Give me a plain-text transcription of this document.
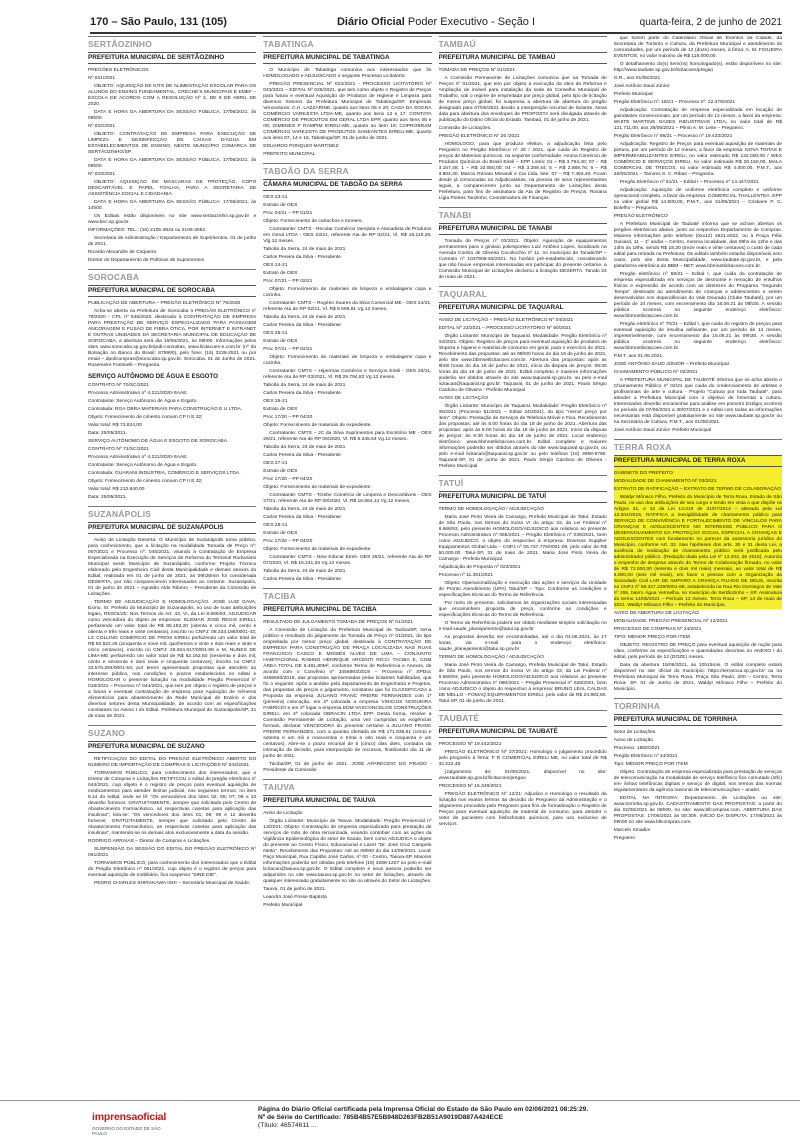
170 – São Paulo, 131 (105)	Diário Oficial Poder Executivo - Seção I	quarta-feira, 2 de junho de 2021
SERTÃOZINHO
PREFEITURA MUNICIPAL DE SERTÃOZINHO

PREGÕES ELETRÔNICOS

Nº 031/2021

OBJETO: AQUISIÇÃO DE KITS DE ALIMENTAÇÃO ESCOLAR PARA OS ALUNOS DO ENSINO FUNDAMENTAL, CRECHE'S MUNICIPAIS E EMEF – ESCOLA DE ACORDO COM A RESOLUÇÃO Nº 2, DE 9 DE ABRIL DE 2020.

DATA E HORA DA ABERTURA DA SESSÃO PÚBLICA: 17/06/2021, às 09h00.

Nº 032/2021

OBJETO: CONTRATAÇÃO DE EMPRESA PARA EXECUÇÃO DE LIMPEZA E DESINFECÇÃO DE CAIXAS D'ÁGUA EM ESTABELECIMENTOS DE ENSINO, NESTE MUNICÍPIO COMARCA DE SERTÃOZINHO/SP.

DATA E HORA DA ABERTURA DA SESSÃO PÚBLICA: 17/06/2021, às 09h00.

Nº 033/2021

OBJETO: AQUISIÇÃO DE MÁSCARAS DE PROTEÇÃO, COPO DESCARTÁVEL E PAPEL TOALHA, PARA A SECRETARIA DE ASSISTÊNCIA SOCIAL E CIDADANIA.

DATA E HORA DA ABERTURA DA SESSÃO PÚBLICA: 17/06/2021, às 14h00.

Os Editais estão disponíveis no site www.sertaozinho.sp.gov.br e www.bec.sp.gov.br.

INFORMAÇÕES: TEL.: (16) 2105-3844 ou 2105-3052.

Secretaria de Administração / Departamento de Suprimentos, 01 de junho de 2021.

Ricardo Alexandre de Cirqueira

Diretor do Departamento de Políticas de Suprimentos

SOROCABA
PREFEITURA MUNICIPAL DE SOROCABA

PUBLICAÇÃO DE ABERTURA – PREGÃO ELETRÔNICO Nº 79/2020

Acha-se aberta na Prefeitura de Sorocaba o PREGÃO ELETRÔNICO nº 79/2020 - CPL nº 546/2020, destinado à CONTRATAÇÃO DE EMPRESA PARA PRESTAÇÃO DE SERVIÇO ESPECIALIZADO PARA PASSAGEM ANCORAGEM E FUSÃO DE FIBRA ÓTICA, POR INTERNET E INTRANET E OUTRAS UNIDADES DA SECRETARIA MUNICIPAL DE EDUCAÇÃO DE SOROCABA, a abertura será dia 16/06/2021, às 09h00. Informações pelos sites www.sorocaba.sp.gov.br/pub-consultas, www.licitacoes-e.com.br (nº do Bolsação no Banco do Brasil: 875990), pelo fone: (15) 3238-2521 ou por email – dpolicompras@sorocaba.sp.gov.br. Sorocaba, 01 de Junho de 2021. Rosemeire Fontinelli – Pregoeira.

SERVIÇO AUTÔNOMO DE ÁGUA E ESGOTO

CONTRATO Nº 70/SC/2021

Processo Administrativo nº 4.221/2020-SAAE.

Contratante: Serviço Autônomo de Água e Esgoto.

Contratada: RGA OBRA MATERIAIS PARA CONSTRUÇÃO E U LTDA.

Objeto: Fornecimento de cimento comum CP II E 32;

Valor total: R$ 73.824,00

Data: 25/05/2021.

SERVIÇO AUTÔNOMO DE ÁGUA E ESGOTO DE SOROCABA.

CONTRATO Nº 71/SC/2021

Processo Administrativo nº 4.221/2020-SAAE.

Contratante: Serviço Autônomo de Água e Esgoto.

Contratada: GUARANI INDÚSTRIA, COMÉRCIO E SERVIÇOS LTDA.

Objeto: Fornecimento de cimento comum CP II E 32;

Valor total: R$ 213.840,00

Data: 25/05/2021.

SUZANÁPOLIS
PREFEITURA MUNICIPAL DE SUZANÁPOLIS

Aviso de Licitação Deserta: O Município de Suzanápolis torna público, para conhecimento, que a licitação na modalidade Tomada de Preço nº: 007/2021 e Processo nº: 045/2021, visando à Contratação de Empresa Especializada na Execução de Serviços de Reforma do Terminal Rodoviário Municipal neste Município de Suzanápolis, conforme Projeto Técnico elaborado pelo Engenheiro Civil desta Municipalidade e demais anexos do Edital, realizada em 01 de junho de 2021, às 09h30min foi considerada DESERTA, por não comparecerem interessados ao certame. Suzanápolis, 01 de junho de 2021 – Agnaldo Aldo Ribeiro – Presidente da Comissão de Licitações.

TERMO DE ADJUDICAÇÃO E HOMOLOGAÇÃO. JOSÉ LUIZ GAVA, Exmo. Sr. Prefeito do Município de Suzanápolis, no uso de suas atribuições legais, RESOLVE: Nos Termos do Art. 43, VI, da Lei 8.666/93, ADJUDICAR como vencedora do objeto as empresas: ELEMAR JOSÉ REGIS EIRELI, perfazendo um valor total de R$ 85.183,20 (oitenta e cinco mil, cento e oitenta e três reais e vinte centavos), inscrito no CNPJ: 08.334.186/0001-43; LC COLLINO COMÉRCIO DE FRIOS EIRELI perfazendo um valor total de R$ 50.522,25 (cinquenta e nove mil, quinhentos e vinte e dois reais e vinte e cinco centavos), inscrito no CNPJ: 26.924.617/0001-88 e M. NUNES DE LIMA-ME perfazendo um valor total de R$ 62.162,50 (sessenta e dois mil, cento e sessenta e dois reais e cinquenta centavos), inscrito no CNPJ: 33.575.294/0001-54; por terem apresentado propostas que atendem ao interesse público, nos condições e prazos estabelecidos no edital e HOMOLOGAR o presente licitação na modalidade Pregão Presencial nº 016/2021 – Processo nº 044/2021, que tem por objeto o registro de preços e a futura e eventual contratação de empresa para Aquisição de Gêneros Alimentícios para abastecimento da Rede Municipal de Ensino e dos diversos setores desta Municipalidade, de acordo com as especificações constantes no Anexo I do Edital. Prefeitura Municipal de Suzanápolis/SP, 31 de maio de 2021.

SUZANO
PREFEITURA MUNICIPAL DE SUZANO

RETIFICAÇÃO DO EDITAL DO PREGÃO ELETRÔNICO ABERTO DO NÚMERO DE IMPORTAÇÃO DE COMPRAS E LICITAÇÕES Nº 044/2021

TORNAMOS PÚBLICO, para conhecimento dos interessados, que o Diretor de Compras e Licitações RETIFICOU o edital do pregão eletrônico nº 044/2021, cujo objeto é o registro de preços para eventual aquisição de medicamentos para atender liminar judicial, nos seguintes termos: no item 8.14 do edital, onde se lê: "Os vencedores dos lotes 02; 05; 07; 06 e 10 deverão fornecer, GRATUITAMENTE, sempre que solicitado pelo Centro de Abastecimento Farmacêutico, as respectivas canetas para aplicação das insulinas"; leia-se: "Os vencedores dos itens 01; 06; 09 e 12 deverão fornecer, GRATUITAMENTE, sempre que solicitado pelo Centro de Abastecimento Farmacêutico, as respectivas canetas para aplicação das insulinas", mantendo-se os demais atos exclusivamente a data da sessão.

RODRIGO ARRAIAS – Diretor de Compras e Licitações.

SUSPENSÃO DA SESSÃO DO EDITAL DO PREGÃO ELETRÔNICO Nº 061/2021

TORNAMOS PÚBLICO, para conhecimento dos interessados que o Edital do Pregão Eletrônico nº 061/2021, cujo objeto é o registro de preços para eventual aquisição de mobiliário, fica suspenso "SINE DIE".

PEDRO CHARLES SHIRAKAWA ISHI – Secretário Municipal de Saúde.

TABATINGA
PREFEITURA MUNICIPAL DE TABATINGA

O Município de Tabatinga comunica aos interessados que foi HOMOLOGADO e ADJUDICADO o seguinte Processo Licitatório:

PREGÃO PRESENCIAL Nº 023/2021 - PROCESSO LICITATÓRIO Nº 043/2021 – EDITAL Nº 026/2021, que tem como objeto o Registro de Preços para futura e eventual Aquisição de Produtos de Higiene e Limpeza para diversos Setores da Prefeitura Municipal de Tabatinga/SP. Empresas Vencedoras: C.H. LAZZARINE, quanto aos itens 06 e 20; CASA DA SOGRA COMÉRCIO VAREJISTA LTDA-ME, quanto aos itens 13 e 17; CONTATA COMÉRCIO DE PRODUTOS EM GERAL LTDA EPP, quanto aos itens 05 e 09; GIMENES P RAMPIM EIRELI-ME, quanto ao item 19; COPROBRAM COMÉRCIO VAREJISTA DE PRODUTOS SANEANTES EIRELI-ME, quanto aos itens 07, 14 e 16. Tabatinga/SP, 01 de junho de 2021.

EDUARDO PONQUIO MARTINEZ

PREFEITO MUNICIPAL

TABOÃO DA SERRA
CÂMARA MUNICIPAL DE TABOÃO DA SERRA

OES 23-21

Extrato de OES

Proc 04/21 – PP 01/21

Objeto: Fornecimento de cartuchos e tonners.

Contratante: CMTS - Recolar Comércio Varejista e Atacadista de Produtos em Geral LTDA - OES 23/21, referente Ata de RP 02/21, Vl. R$ 15.119,28, Vlg.12 meses.

Taboão da Serra, 24 de maio de 2021

Carlos Pereira da Silva - Presidente

OES 24-21

Extrato de OES

Proc 07/21 – PP 02/21

Objeto: Fornecimento de materiais de limpeza e embalagens copa e cozinha.

Contratante: CMTS – Rogério Soares da Silva Comercial ME - OES 24/21, referente Ata de RP 02/21, Vl. R$ 8.595,91 Vg.12 meses.

Taboão da Serra, 24 de maio de 2021

Carlos Pereira da Silva - Presidente

OES 25-21

Extrato de OES

Proc 07/21 – PP 02/21

Objeto: Fornecimento de materiais de limpeza e embalagens copa e cozinha.

Contratante: CMTS – Hipermax Comércio e Serviços Eireli - OES 25/21, referente Ata de RP 03/2021, Vl. R$ 29.794,83 Vg.12 meses.

Taboão da Serra, 24 de maio de 2021

Carlos Pereira da Silva - Presidente

OES 26-21

Extrato de OES

Proc 17/20 – PP 04/20

Objeto: Fornecimento de materiais de expediente.

Contratante: CMTS – JC da Silva Suprimentos para Escritório ME - OES 26/21, referente Ata de RP 06/2020, Vl. R$ 6.245,64 Vg.12 meses.

Taboão da Serra, 24 de maio de 2021

Carlos Pereira da Silva - Presidente

OES 27-21

Extrato de OES

Proc 17/20 – PP 04/20

Objeto: Fornecimento de materiais de expediente.

Contratante: CMTS - Trzebe Comércio de Limpeza e Descartáveis - OES 27/21, referente Ata de RP 08/2020, Vl. R$ 16.864,14 Vg.12 meses.

Taboão da Serra, 24 de maio de 2021

Carlos Pereira da Silva - Presidente

OES 28-21

Extrato de OES

Proc 17/20 – PP 04/20

Objeto: Fornecimento de materiais de expediente.

Contratante: CMTS - New Educar Eireli- OES 28/21, referente Ata de RP 07/2020, Vl. R$ 15.241,25 Vg.12 meses.

Taboão da Serra, 24 de maio de 2021

Carlos Pereira da Silva - Presidente

TACIBA
PREFEITURA MUNICIPAL DE TACIBA

RESULTADO DE JULGAMENTO TOMADA DE PREÇOS Nº 01/2021

A Comissão de Licitação da Prefeitura Municipal de Taciba/SP, torna público o resultado do julgamento da Tomada de Preço nº 01/2021, do tipo empreitada por menor preço global, destinada à CONTRATAÇÃO DE EMPRESA PARA CONSTRUÇÃO DE PRAÇA LOCALIZADA NAS RUAS FRANCISCO CASCO E MOISÉS ALVES DE LIMA – CONJUNTO HABITACIONAL RABINO HENRIQUE ARCENTI RICCI TACIBA E, COM ÁREA TOTAL DE 6.481,80M², conforme Termo de Referência e Anexos, de acordo com o Convênio nº 3456693/2019 – Processo nº SPDoc 3456693/2019, das propostas apresentadas pelas licitantes habilitadas, que foi o seguinte: Após a análise pela departamento de Engenharia e Projetos, das propostas de preços e julgamento, constatou que foi CLASSIFICADA a Proposta da empresa JULIANO FRANC FREIRE FERNANDES com 1ª (primeira) colocação, em 2ª colocada a empresa VINICIUS NOGUEIRA FABRÍCIO e em 3ª lugar a empresa EDM VASCONCELOS CONSTRUÇÕES EIRELI, em 4ª colocada OBRACIN LTDA EPP. Desta forma, resolve a Comissão Permanente de Licitação, uma vez cumpridas as exigências formais, declarar VENCEDORA do presente certame a JULIANO FRANC FREIRE FERNANDES, com a quantia ofertada de R$ 171.938,51 (cento e setenta e um mil e novecentos e trinta e oito reais e cinquenta e um centavos). Abre-se o prazo recursal de 5 (cinco) dias úteis, contados da intimação da decisão, para interposição de recursos, finalizando dia 11 de junho de 2021.

Taciba/SP, 01 de junho de 2021. JOSÉ APARECIDO DO PRADO - Presidente da Comissão

TAIUVA
PREFEITURA MUNICIPAL DE TAIUVA

Aviso de Licitação

Órgão Licitante: Município de Taiuva. Modalidade: Pregão Presencial nº 13/2021: Objeto: Contratação de empresa especializada para prestação de serviços de mão de obra terceirizada, visando contribuir com as ações da Vigilância Epidemiológica do setor de Saúde, bem como ADJUDICA o objeto do presente ao Centro Físico, Educacional e Lazer "Dr. José Cruz Campelo Netto". Recebimento das Propostas: Até as 09h00 do dia 14/06/2021. Local: Paço Municipal, Rua Capitão José Carlos, nº 00 - Centro, Taiuva-SP. Maiores informações poderão ser obtidas pelo telefone (16) 3268-1207 ou pelo e-mail licitacao@taiuva.sp.gov.br. O Edital completo e seus anexos poderão ser adquiridos no site www.taiuva.sp.gov.br no setor de licitações, através de qualquer interessado gratuitamente no site ou através do Setor de Licitações.

Taiuva, 01 de junho de 2021.

Leandro José Posse Baptista

Prefeito Municipal

TAMBAÚ
PREFEITURA MUNICIPAL DE TAMBAÚ

TOMADA DE PREÇOS Nº 01/2021

A Comissão Permanente de Licitações comunica que na Tomada de Preços nº 01/2021, que tem por objeto a execução da obra de Reforma e Ampliação de imóvel para instalação da sede do Conselho Municipal de Trabalho, sob o regime de empreitada por preço global, pelo tipo de licitação de menor preço global, foi suspensa a abertura de abertura do pregão designado para 07/06/2021 devido a interposição recursal de licitante. Nova data para abertura dos envelopes de PROPOSTA será divulgada através de publicação do Diário Oficial do Estado. Tambaú, 01 de junho de 2021.

Comissão de Licitações.

PREGÃO ELETRÔNICO Nº 26 /2021

HOMOLOGO, para que produza efeitos, a adjudicação feita pelo Pregoeiro no Pregão Eletrônico nº 26 / 2021, que cuida do Registro de preços de Materiais químicos, na seguinte conformidade: Amma Comércio de Produtos Químicos do Brasil Eireli – EPP Lotes: 01 – R$ 3.794,40; 07 – R$ 3.157,48; 1 – R$ 10.050,00; 04 – R$ 3.289,44; 5 – R$ 2.869,76; 6 – R$ 3.804,30. Marcio Renato Morandi e Cia Ltda, lote: 07 – R$ 7.493,40. Ficam desde já convocadas as Adjudicatárias, na pessoa de seus representantes legais, a comparecerem junto ao Departamento de Licitações desta Prefeitura, para fins de assinatura da Ata de Registro de Preços. Rosana Lígia Pontes Tauzinho, Coordenadora de Finanças.

TANABI
PREFEITURA MUNICIPAL DE TANABI

Tomada de Preços nº 03/2021. Objeto: Aquisição de equipamentos permanentes para o ginásio poliesportivo Luiz Antônio Lopes, localizado na Avenida Comilo de Oliveira Cocolicchio nº 11, no município de Tanabi/SP – Contrato nº 1037906-63/2021. No horário pré-estabelecido, considerando que não houve empresas interessadas em participar do presente certame, a Comissão Municipal de Licitações declarou a licitação DESERTA. Tanabi 24 de maio de 2021.

TAQUARAL
PREFEITURA MUNICIPAL DE TAQUARAL

AVISO DE LICITAÇÃO – PREGÃO ELETRÔNICO Nº 04/2021

EDITAL Nº 23/2021 – PROCESSO LICITATÓRIO Nº 50/2021

Órgão Licitante: Município de Taquaral. Modalidade: Pregão Eletrônico nº 04/2021. Objeto: Registro de preços para eventual aquisição de produtos de limpeza e higiene e material de consumo em geral, para o exercício de 2021. Recebimento das propostas: até as 08h00 horas do dia 16 de junho de 2021, pelo site www.bbmnetlicitacoes.com.br. Abertura das propostas: após as 8h00 horas do dia 16 de junho de 2021, início da disputa de preços: 08:30 horas do dia 16 de junho de 2021. Edital completo e maiores informações poderão ser obtidos através do site www.taquaral.sp.gov.br, ou pelo e-mail licitacao@taquaral.sp.gov.br. Taquaral, 01 de junho de 2021. Paulo Sérgio Cardoso de Oliveira - Prefeito Municipal

AVISO DE LICITAÇÃO

Órgão Licitante: Município de Taquaral. Modalidade: Pregão Eletrônico nº 05/2021 (Processo 51/2021 – Edital 24/2021), do tipo "menor preço por item". Objeto: Prestação de Serviços de Telefonia Móvel e Fixa. Recebimento das propostas: até às 8.00 horas do dia 18 de junho de 2021. Abertura das propostas: após às 8.00 horas do dia 18 de junho de 2021. Início da disputa de preços: às 8:30 horas do dia 18 de junho de 2021. Local endereço eletrônico: www.bbmnetlicitacoes.com.br. Edital completo e maiores informações poderão ser obtidos através do site www.taquaral.sp.gov.br, ou pelo e-mail licitacao@taquaral.sp.gov.br ou pelo telefone (16) 3958-9760. Taquaral-SP, 01 de junho de 2021. Paulo Sérgio Cardoso de Oliveira - Prefeito Municipal

TATUÍ
PREFEITURA MUNICIPAL DE TATUÍ

TERMO DE HOMOLOGAÇÃO / ADJUDICAÇÃO

Maria José Pinto Vieira de Camargo, Prefeita Municipal de Tatuí, Estado de São Paulo, nos termos do inciso VI do artigo 43, da Lei Federal nº 8.666/93, pelo presente HOMOLOGO/ADJUDICO aos relativos ao presente Processo Administrativo nº 066/2021 – Pregão Eletrônico nº 036/2021, bem como ADJUDICO, o objeto do respectivo à empresa: Diversos Supplier Equipamentos Global Ltda – CNPJ nº 05.737.776/0001-09, pelo valor de R$ 50.000,00. Tatuí-SP, 31 de maio de 2021. Maria José Pinto Vieira de Camargo - Prefeita Municipal.

Adjudicação de Proposta nº 023/2021

Processo nº 11.391/2021

Objeto: Operacionalização e execução das ações e serviços da Unidade de Pronto Atendimento (UPA) Tatuí/SP – Tipo: Conforme as condições e especificações técnicas do Termo de Referência.

Por meio do presente, solicitamos às organizações sociais interessadas que encaminhem proposta de preço, conforme as condições e especificações técnicas do Termo de Referência.

O Termo de Referência poderá ser obtido mediante simples solicitação no e-mail saude_planejamento@tatui.sp.gov.br

As propostas deverão ser encaminhadas, até o dia 04.06.2021, às 17 horas, via e-mail para o endereço eletrônico: saude_planejamento@tatui.sp.gov.br

TERMO DE HOMOLOGAÇÃO / ADJUDICAÇÃO

Maria José Pinto Vieira de Camargo, Prefeita Municipal de Tatuí, Estado de São Paulo, nos termos do inciso VI do artigo 43, da Lei Federal nº 8.666/93, pelo presente HOMOLOGO/ADJUDICO aos relativos ao presente Processo Administrativo nº 090/2021 – Pregão Presencial nº 028/2021, bem como ADJUDICO o objeto do respectivo à empresa: BRUNO LEAL CALDAS DE MELLO - FOMAQ EQUIPAMENTOS EIRELI, pelo valor de R$ 24.983,50. Tatuí-SP, 01 de junho de 2021.

TAUBATÉ
PREFEITURA MUNICIPAL DE TAUBATÉ

PROCESSO Nº 19.442/2021

PREGÃO ELETRÔNICO Nº 37/2021: Homologo o julgamento procedido pelo pregoeiro à firma: F R COMERCIAL EIRELI ME, no valor total de R$ 32.222,48.

(Julgamento de: 01/06/2021, disponível no site: www.taubate.sp.gov.br/licitacoes/pregao

PROCESSO Nº 15.349/2021

PREGÃO ELETRÔNICO Nº 12/21: Adjudico e Homologo o resultado da licitação nos exatos termos da decisão do Pregoeiro da Administração e o julgamento procedido pelo Pregoeiro para fins de formalização o Registro de Preços para eventual aquisição de material de consumo, para atender o setor de pacientes com bisfosfonato químicos, para uso exclusivo de serviços.

que fazem parte do Calendário Oficial de Eventos da Cidade, da Secretaria de Turismo e Cultura, da Prefeitura Municipal e atendimento às comunidades, por um período de 12 (doze) meses, à firma: A. M. FIGUEIRA EVENTOS, no valor máximo de R$ 118.000,00.

O detalhamento do(s) item(ns) homologado(s), estão disponíveis no site: http://www.taubate.sp.gov.br/licitacoes/pregao

G.R., aos 01/06/2021

José Antônio Saud Júnior

Prefeito Municipal

Pregão Eletrônico nº: 18/21 – Processo nº: 22.476/2021

Adjudicação: Contratação de empresa especializada em locação de guindastes convencionais, por um período de 12 meses, a favor da empresa: WHITE MARTINS GASES INDUSTRIAIS LTDA, no valor total de R$ 121.711,00, aos 28/05/2021 – Plinio A. M. Leite – Pregoeiro.

Pregão Eletrônico nº 86/21 – Processo nº 19.433/2021

Adjudicação: Registro de Preços para eventual aquisição de materiais de pintura, por um período de 12 meses, a favor da empresa: NOVA TINTAS E IMPERMEABILIZANTES EIRELI, no valor estimado R$ 132.000,00 / WEX COMÉRCIO E SERVIÇOS EIRELI, no valor estimado R$ 20.150,00. MALA COMERCIAL DE TRECOS, no valor estimado R$ 4.000,00, P.M.T., aos 26/05/2021 – Tamires S. C. Ribas – Pregoeira.

Pregão Eletrônico nº 61/21 – Edital I – Processo nº 14.447/2021

Adjudicação: Aquisição de uniforme eletrônica completo e uniforme operacional completo, a favor da empresa: COMERCIAL THALLENTEA, EPP no valor global R$ 14.500,00, P.M.T., aos 31/05/2021 – Cristiane P. C. Botelho – Pregoeira.

PREGÃO ELETRÔNICO

A Prefeitura Municipal de Taubaté informa que se acham abertos os pregões eletrônicos abaixo, junto ao respectivo Departamento de Compras. Maiores informações pelo telefone (0xx12) 3621.6022, ou à Praça Félix Guisard, 11 – 1º andar – Centro, mesma localidade, das 08hs às 12hs e das 14hs às 18hs, sendo R$ 18,20 (treze reais e vinte centavos) o custo de cada edital para retirada na Prefeitura. Os editais também estarão disponíveis sem custo, pelo site desta Municipalidade, www.taubate.sp.gov.br, e pela plataforma eletrônica do BBM – NET: www.bbmnetlicitacoes.com.br.

Pregão eletrônico nº 59/21 – Edital I, que cuida da contratação de empresa especializada em serviços de desmonte e remoção de entulhos físicos e expressão de acordo com as diretrizes do Programa "Segundo Tempo" destinado ao atendimento de crianças e adolescentes e serem desenvolvidos nos dependências do Vale Dourado (Clube Taubaté), por um período de 10 meses, com encerramento dia 16.06.21 às 08h30. A sessão pública ocorrerá no seguinte endereço eletrônico: www.bbmnetlicitacoes.com.br.

Pregão eletrônico nº 70/21 – Edital I, que cuida do registro de preços para eventual aquisição de insulina asfixiante, por um período de 12 meses, impreterivelmente, com encerramento dia 16.06.21 às 09h30. A sessão pública ocorrerá no seguinte endereço eletrônico: www.bbmnetlicitacoes.com.br.

P.M.T. aos 01.06.2021,

JOSÉ ANTÔNIO SAUD JÚNIOR – Prefeito Municipal.

CHAMAMENTO PÚBLICO Nº 02/2021

A PREFEITURA MUNICIPAL DE TAUBATÉ informa que se acha aberto o Chamamento Público nº 02/21 que cuida do credenciamento de artistas e profissionais de arte e cultura - Projeto "Cultura por toda Taubaté", para atender a Prefeitura Municipal com o objetivo de fomentar a cultura. Interessados deverão encaminhar para análise em primeiro Estágio ocorrerá no período de 07/06/2021 a 30/07/2021 e o edital com todas as informações necessárias está disponível gratuitamente no site www.taubate.sp.gov.br ou na Secretaria de Cultura. P.M.T., aos 01/06/2021.

José Antônio Saud Júnior- Prefeito Municipal

TERRA ROXA
PREFEITURA MUNICIPAL DE TERRA ROXA

GABINETE DO PREFEITO

MODALIDADE DE CHAMAMENTO Nº 03/2021

EXTRATO DE RATIFICAÇÃO – EXTRATO DE TERMO DE COLABORAÇÃO

Waldyr Mônaco Filho, Prefeito do Município de Terra Roxa, Estado de São Paulo, no uso das atribuições de seu cargo e tendo em vista o que dispõe os Artigos 31, e 32 da Lei 13.019 de 31/07/2014 – alterada pela Lei 13.204/2015, RATIFICA a inexigibilidade de chamamento público para SERVIÇO DE CONVIVÊNCIA E FORTALECIMENTO DE VÍNCULOS PARA CRIANÇAS E ADOLESCENTES NO INTERESSE PÚBLICO PARA O DESENVOLVIMENTO DA PROTEÇÃO SOCIAL ESPECIAL A CRIANÇAS E ADOLESCENTES com fundamento no parecer da assessoria jurídica do Município, conforme Art. 32. Nas hipóteses dos arts. 30 e 31 desta Lei, a ausência de realização de chamamento público será justificada pelo administrador público. (Redação dada pela Lei nº 13.204, de 2015). Autoriza o empenho de despesa através do Termo de Colaboração firmado, no valor de R$ 72.000,00 (setenta e dois mil reais) mensais, ao valor total de R$ 6.000,00 (seis mil reais), em favor a pessoa com a Organização da Sociedade Civil LAR DE AMPARO A CRIANÇA FILHOS DE DEUS, inscrita no CNPJ nº 68.327.229/0001-68, estabelecida na Rua Rio Domingos de Vale nº 255, bairro Água Vermelha, no município de Sertãozinho – SP. Assinatura do termo 14/05/2021 – Período 12 meses. Terra Roxa – SP, 14 de maio de 2021. Waldyr Mônaco Filho – Prefeito do Município.

AVISO DE ABERTURA DE LICITAÇÃO

MODALIDADE: PREGÃO PRESENCIAL Nº 12/2021

PROCESSO DE COMPRAS Nº 24/2021

TIPO: MENOR PREÇO POR ITEM

OBJETO: REGISTRO DE PREÇO para eventual aquisição de ração para cães, conforme as especificações e quantidades descritas no ANEXO I do edital, pelo período de 12 (DOZE) meses.

Data da abertura 15/06/2021, às 10h15min. O edital completo estará disponível no site oficial do município: https://terraroxa.sp.gov.br/ ou na Prefeitura Municipal de Terra Roxa, Praça São Paulo, 200 – Centro, Terra Roxa- SP. 01 de Junho de 2021. Waldyr Mônaco Filho – Prefeito do Município.

TORRINHA
PREFEITURA MUNICIPAL DE TORRINHA

Setor de Licitações

Aviso de Licitação

Processo: 1560/2021

Pregão Eletrônico nº 24/2021

Tipo: MENOR PREÇO POR ITEM

Objeto: Contratação de empresa especializada para prestação de serviços de telecomunicação na modalidade de serviço telefônico fixo comutado (stfc) em- linhas telefônicas digitais e serviço de digital, nos termos das normas regulamentares da agência nacional de telecomunicações – anatel.

EDITAL NA ÍNTEGRA: Departamento de Licitações ou site: www.torrinha.sp.gov.br. CADASTRAMENTO DAS PROPOSTAS: a partir do dia 02/06/2021 às 08h00, no site: www.bllcompras.com. ABERTURA DAS PROPOSTAS: 17/06/2021 às 08:30h. INÍCIO DA DISPUTA: 17/06/2021 às 09h00 no site www.bllcompras.com.

Marcelo Smadim

Pregoeiro

imprensaoficial
GOVERNO DO ESTADO DE SÃO PAULO
Página do Diário Oficial certificada pela Imprensa Oficial do Estado de São Paulo em 02/06/2021 08:25:29.
Nº de Série do Certificado: 785B4B57E5B948D263FB2B51A9019D887A424ECE
(Título: 46574611 ...
